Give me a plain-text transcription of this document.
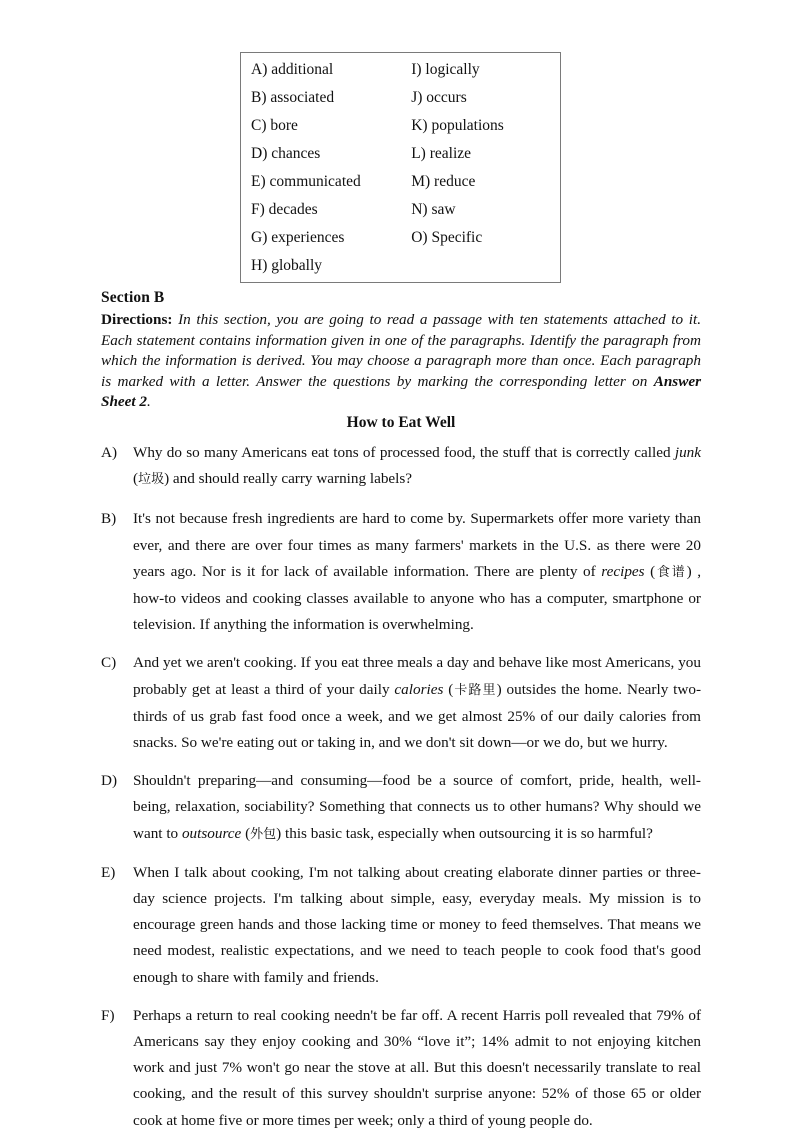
A) additional	I) logically
B) associated	J) occurs
C) bore	K) populations
D) chances	L) realize
E) communicated	M) reduce
F) decades	N) saw
G) experiences	O) Specific
H) globally
Section B
Directions: In this section, you are going to read a passage with ten statements attached to it. Each statement contains information given in one of the paragraphs. Identify the paragraph from which the information is derived. You may choose a paragraph more than once. Each paragraph is marked with a letter. Answer the questions by marking the corresponding letter on Answer Sheet 2.
How to Eat Well
A)	Why do so many Americans eat tons of processed food, the stuff that is correctly called junk (垃圾) and should really carry warning labels?
B)	It's not because fresh ingredients are hard to come by. Supermarkets offer more variety than ever, and there are over four times as many farmers' markets in the U.S. as there were 20 years ago. Nor is it for lack of available information. There are plenty of recipes (食谱) , how-to videos and cooking classes available to anyone who has a computer, smartphone or television. If anything the information is overwhelming.
C)	And yet we aren't cooking. If you eat three meals a day and behave like most Americans, you probably get at least a third of your daily calories (卡路里) outsides the home. Nearly two-thirds of us grab fast food once a week, and we get almost 25% of our daily calories from snacks. So we're eating out or taking in, and we don't sit down—or we do, but we hurry.
D)	Shouldn't preparing—and consuming—food be a source of comfort, pride, health, well-being, relaxation, sociability? Something that connects us to other humans? Why should we want to outsource (外包) this basic task, especially when outsourcing it is so harmful?
E)	When I talk about cooking, I'm not talking about creating elaborate dinner parties or three-day science projects. I'm talking about simple, easy, everyday meals. My mission is to encourage green hands and those lacking time or money to feed themselves. That means we need modest, realistic expectations, and we need to teach people to cook food that's good enough to share with family and friends.
F)	Perhaps a return to real cooking needn't be far off. A recent Harris poll revealed that 79% of Americans say they enjoy cooking and 30% “love it”; 14% admit to not enjoying kitchen work and just 7% won't go near the stove at all. But this doesn't necessarily translate to real cooking, and the result of this survey shouldn't surprise anyone: 52% of those 65 or older cook at home five or more times per week; only a third of young people do.
